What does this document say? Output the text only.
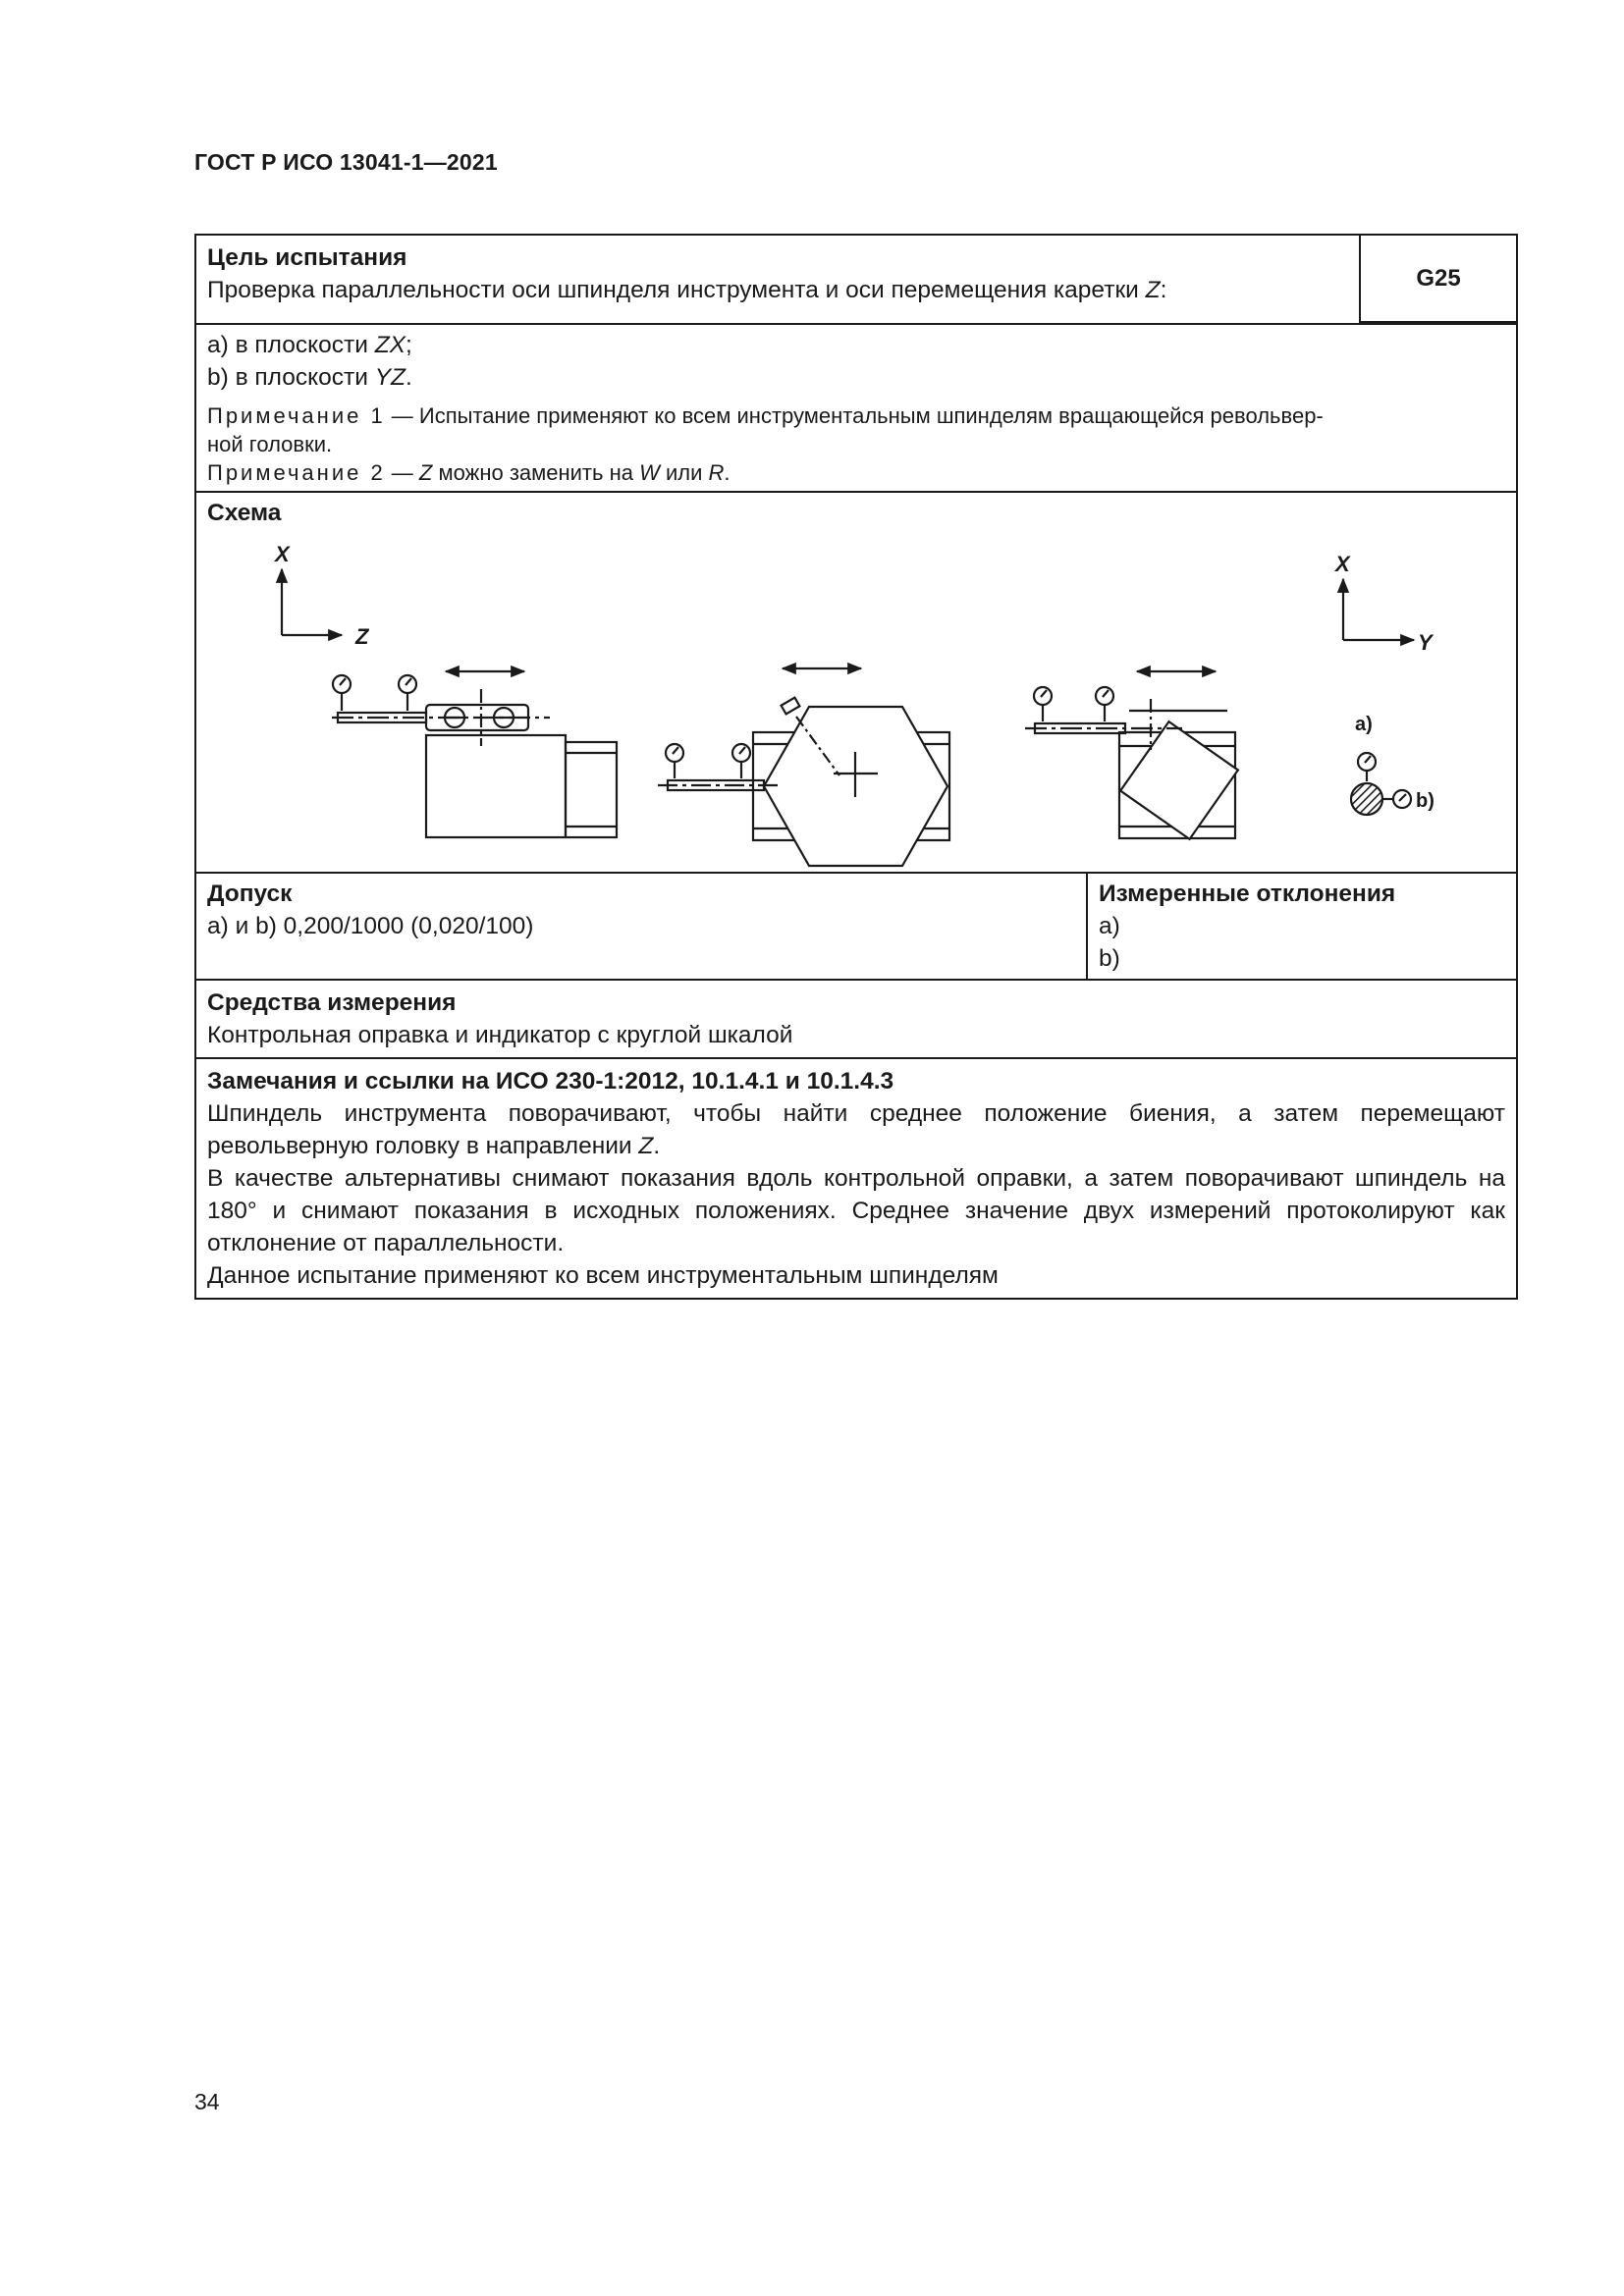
ГОСТ Р ИСО 13041-1—2021
Цель испытания
Проверка параллельности оси шпинделя инструмента и оси перемещения каретки Z:	G25
a) в плоскости ZX;
b) в плоскости YZ.
Примечание 1 — Испытание применяют ко всем инструментальным шпинделям вращающейся револьвер-
ной головки.
Примечание 2 — Z можно заменить на W или R.
Схема
X
Z
X
Y
a)
b)
Допуск
a) и b) 0,200/1000 (0,020/100)
Измеренные отклонения
a)
b)
Средства измерения
Контрольная оправка и индикатор с круглой шкалой
Замечания и ссылки на ИСО 230-1:2012, 10.1.4.1 и 10.1.4.3
Шпиндель инструмента поворачивают, чтобы найти среднее положение биения, а затем перемещают револьверную головку в направлении Z.
В качестве альтернативы снимают показания вдоль контрольной оправки, а затем поворачивают шпиндель на 180° и снимают показания в исходных положениях. Среднее значение двух измерений протоколируют как отклонение от параллельности.
Данное испытание применяют ко всем инструментальным шпинделям
34
